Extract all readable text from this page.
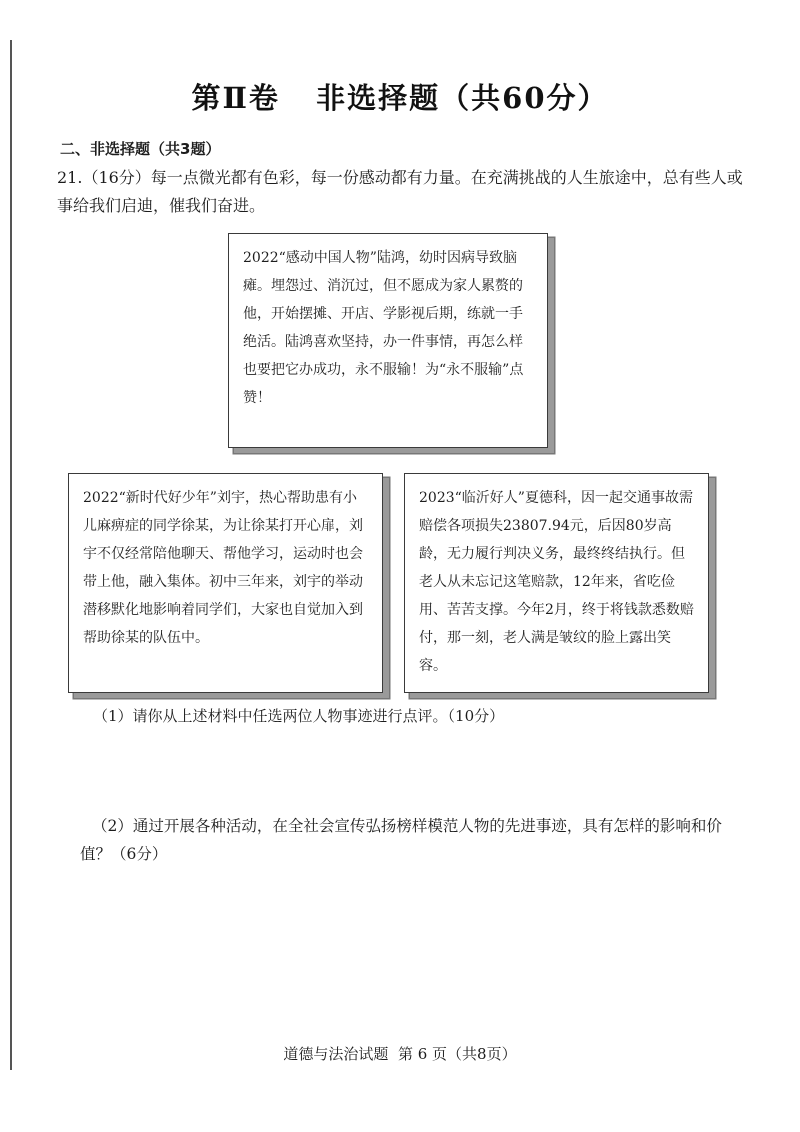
第Ⅱ卷   非选择题（共60分）
二、非选择题（共3题）
21.（16分）每一点微光都有色彩，每一份感动都有力量。在充满挑战的人生旅途中，总有些人或事给我们启迪，催我们奋进。
2022“感动中国人物”陆鸿，幼时因病导致脑瘫。埋怨过、消沉过，但不愿成为家人累赘的他，开始摆摊、开店、学影视后期，练就一手绝活。陆鸿喜欢坚持，办一件事情，再怎么样也要把它办成功，永不服输！为“永不服输”点赞！
2022“新时代好少年”刘宇，热心帮助患有小儿麻痹症的同学徐某，为让徐某打开心扉，刘宇不仅经常陪他聊天、帮他学习，运动时也会带上他，融入集体。初中三年来，刘宇的举动潜移默化地影响着同学们，大家也自觉加入到帮助徐某的队伍中。
2023“临沂好人”夏德科，因一起交通事故需赔偿各项损失23807.94元，后因80岁高龄，无力履行判决义务，最终终结执行。但老人从未忘记这笔赔款，12年来，省吃俭用、苦苦支撑。今年2月，终于将钱款悉数赔付，那一刻，老人满是皱纹的脸上露出笑容。
（1）请你从上述材料中任选两位人物事迹进行点评。（10分）
（2）通过开展各种活动，在全社会宣传弘扬榜样模范人物的先进事迹，具有怎样的影响和价值？（6分）
道德与法治试题  第 6 页（共8页）
